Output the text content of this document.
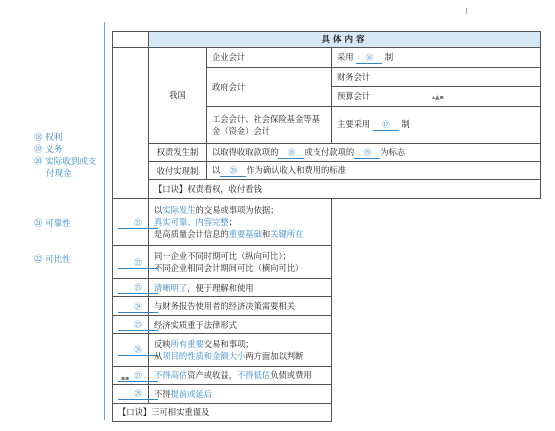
⑱ 权利
⑲ 义务
⑳ 实际收到或支
付现金
㉑ 可靠性
㉒ 可比性
▪▪
▴▲▪
	具体内容		
	我国	企业会计	采用 ⑯ 制
		政府会计	财务会计
			预算会计
		工会会计、社会保险基金等基金（资金）会计	主要采用 ⑰ 制
	权责发生制	以取得收取款项的 ⑱ 或支付款项的 ⑲ 为标志	
	收付实现制	以 ⑳ 作为确认收入和费用的标准	
	【口诀】权责看权，收付看钱		
㉑	以实际发生的交易或事项为依据；
真实可靠、内容完整；
是高质量会计信息的重要基础和关键所在		

㉒	同一企业不同时期可比（纵向可比）；
不同企业相同会计期间可比（横向可比）		

㉓	清晰明了，便于理解和使用		

㉔	与财务报告使用者的经济决策需要相关		

㉕	经济实质重于法律形式		

㉖	反映所有重要交易和事项；
从项目的性质和金额大小两方面加以判断		

㉗	不得高估资产或收益，不得低估负债或费用		

㉘	不得提前或延后		

【口诀】三可相实重谨及			
